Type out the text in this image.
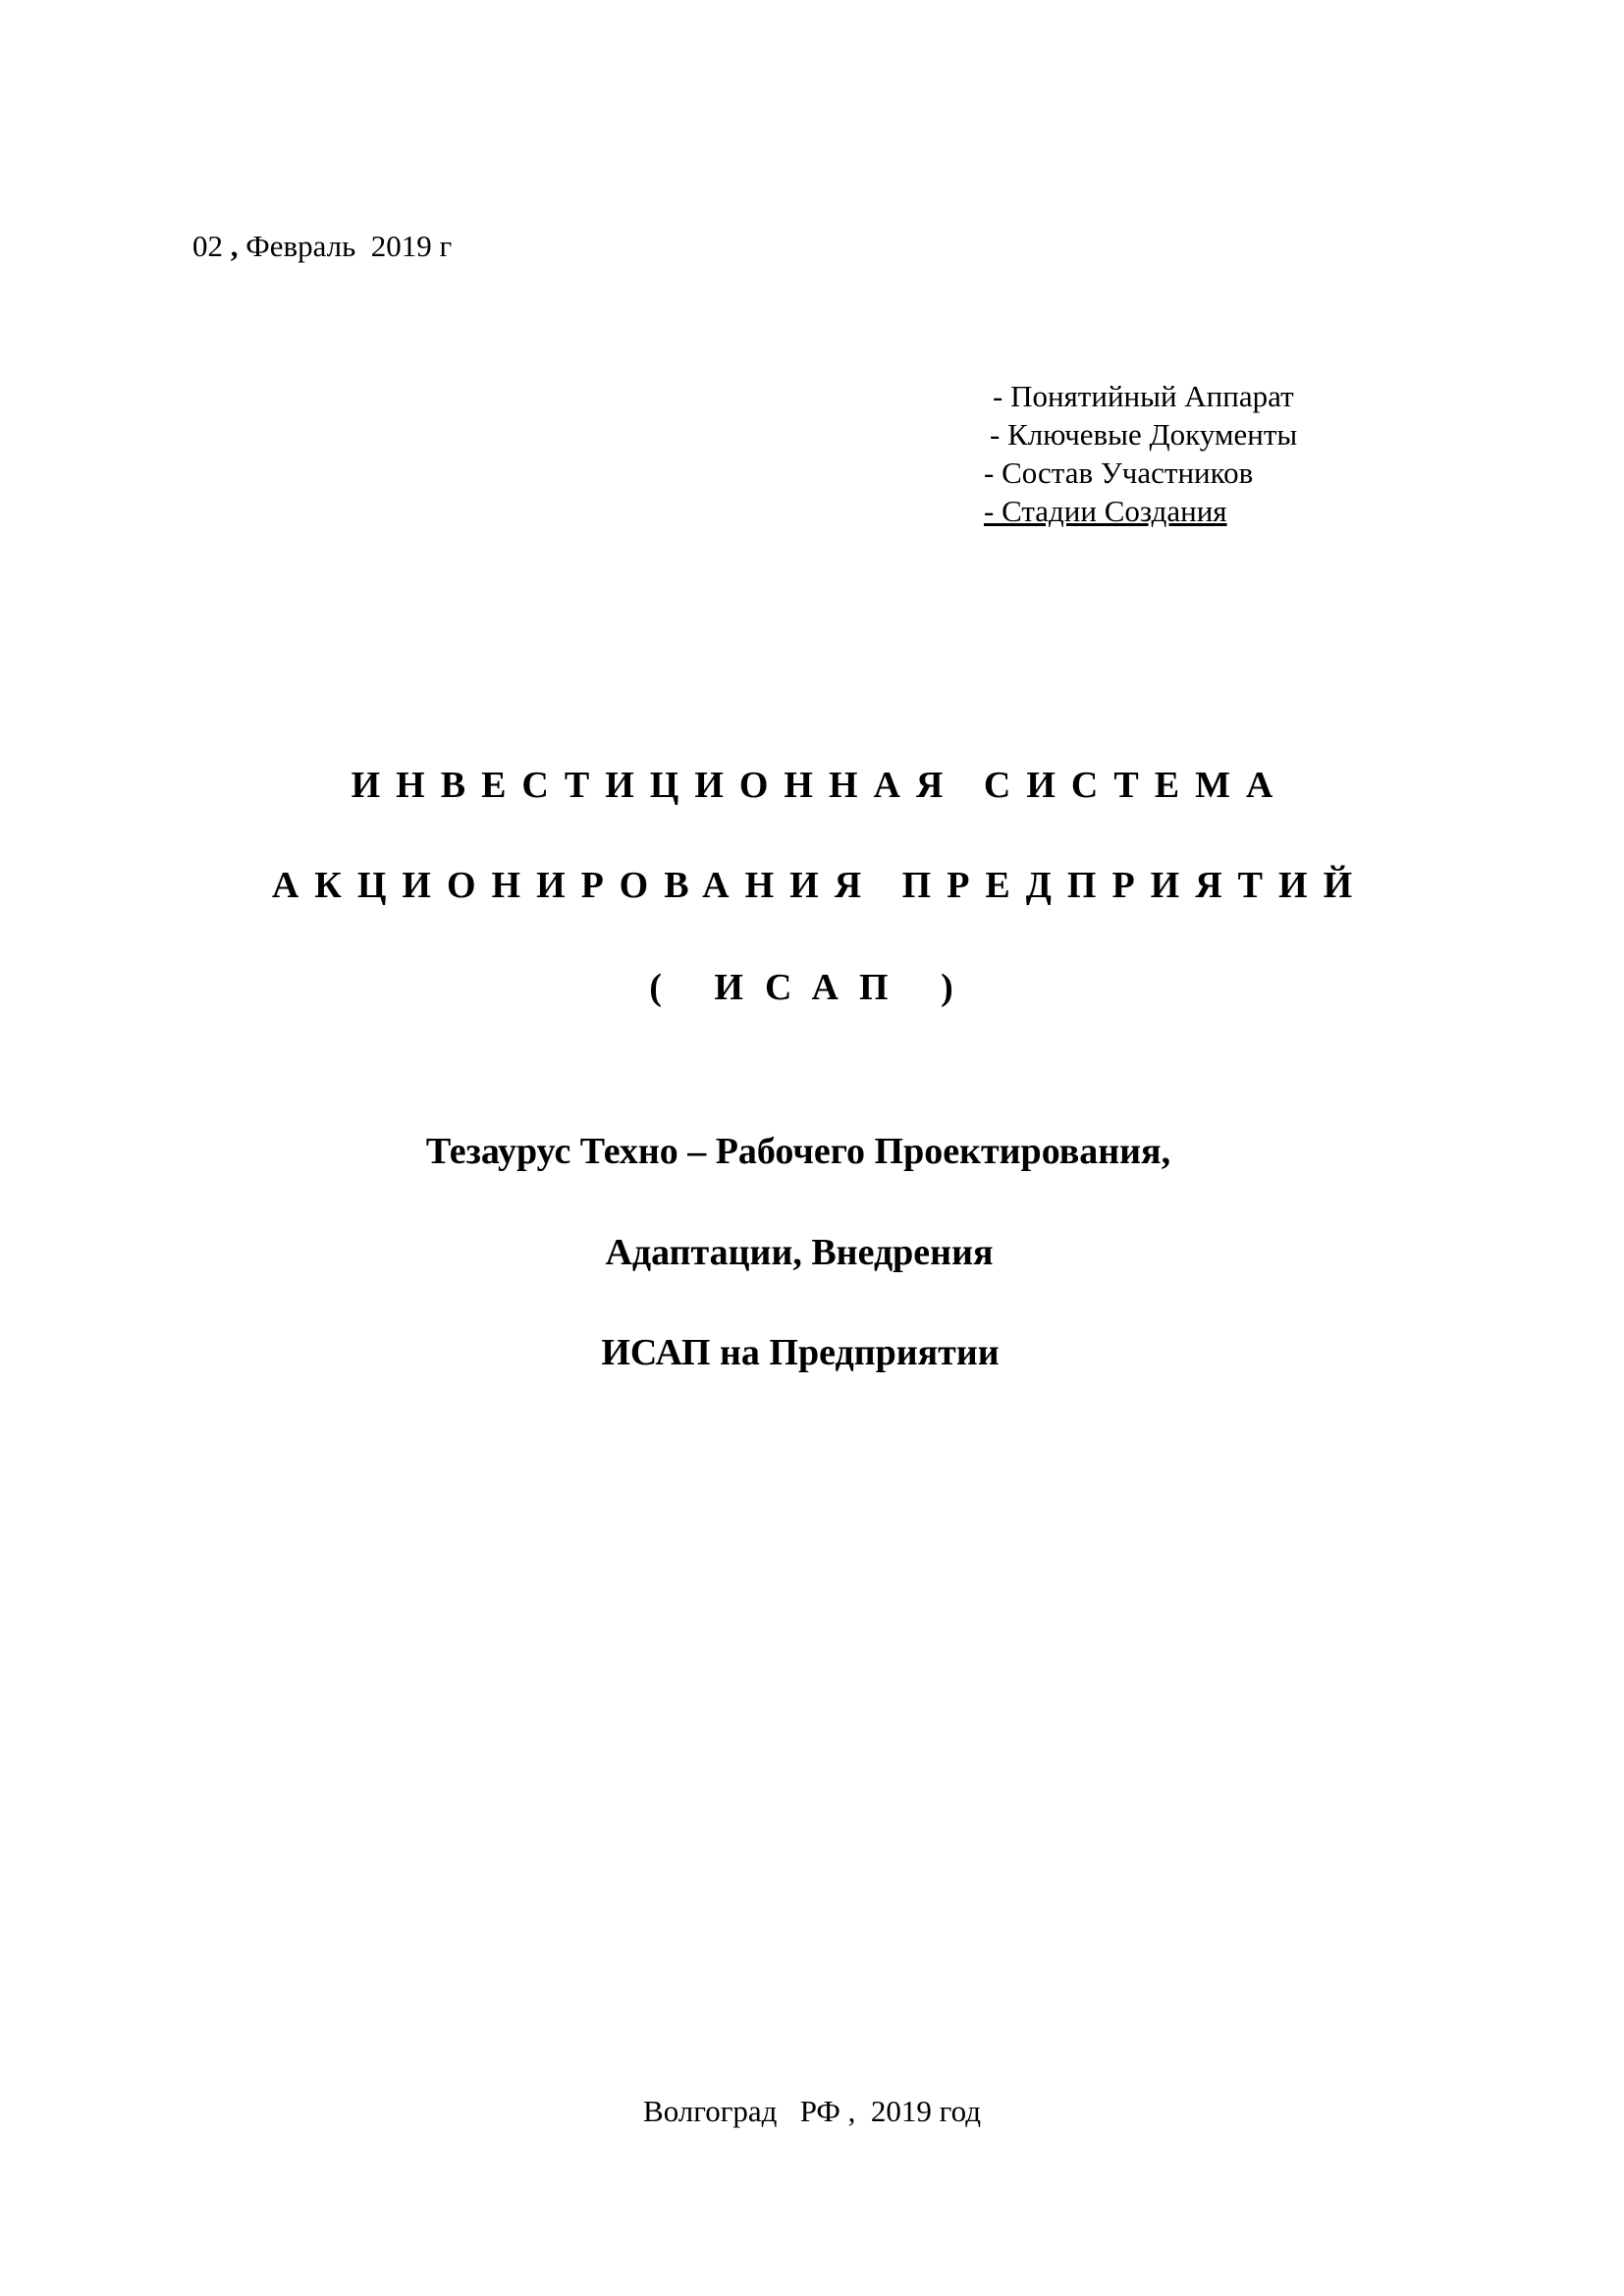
02 , Февраль  2019 г
- Понятийный Аппарат
- Ключевые Документы
- Состав Участников
- Стадии Создания
ИНВЕСТИЦИОННАЯ СИСТЕМА
АКЦИОНИРОВАНИЯ ПРЕДПРИЯТИЙ
( ИСАП )
Тезаурус Техно – Рабочего Проектирования,
Адаптации, Внедрения
ИСАП на Предприятии
Волгоград   РФ ,  2019 год
